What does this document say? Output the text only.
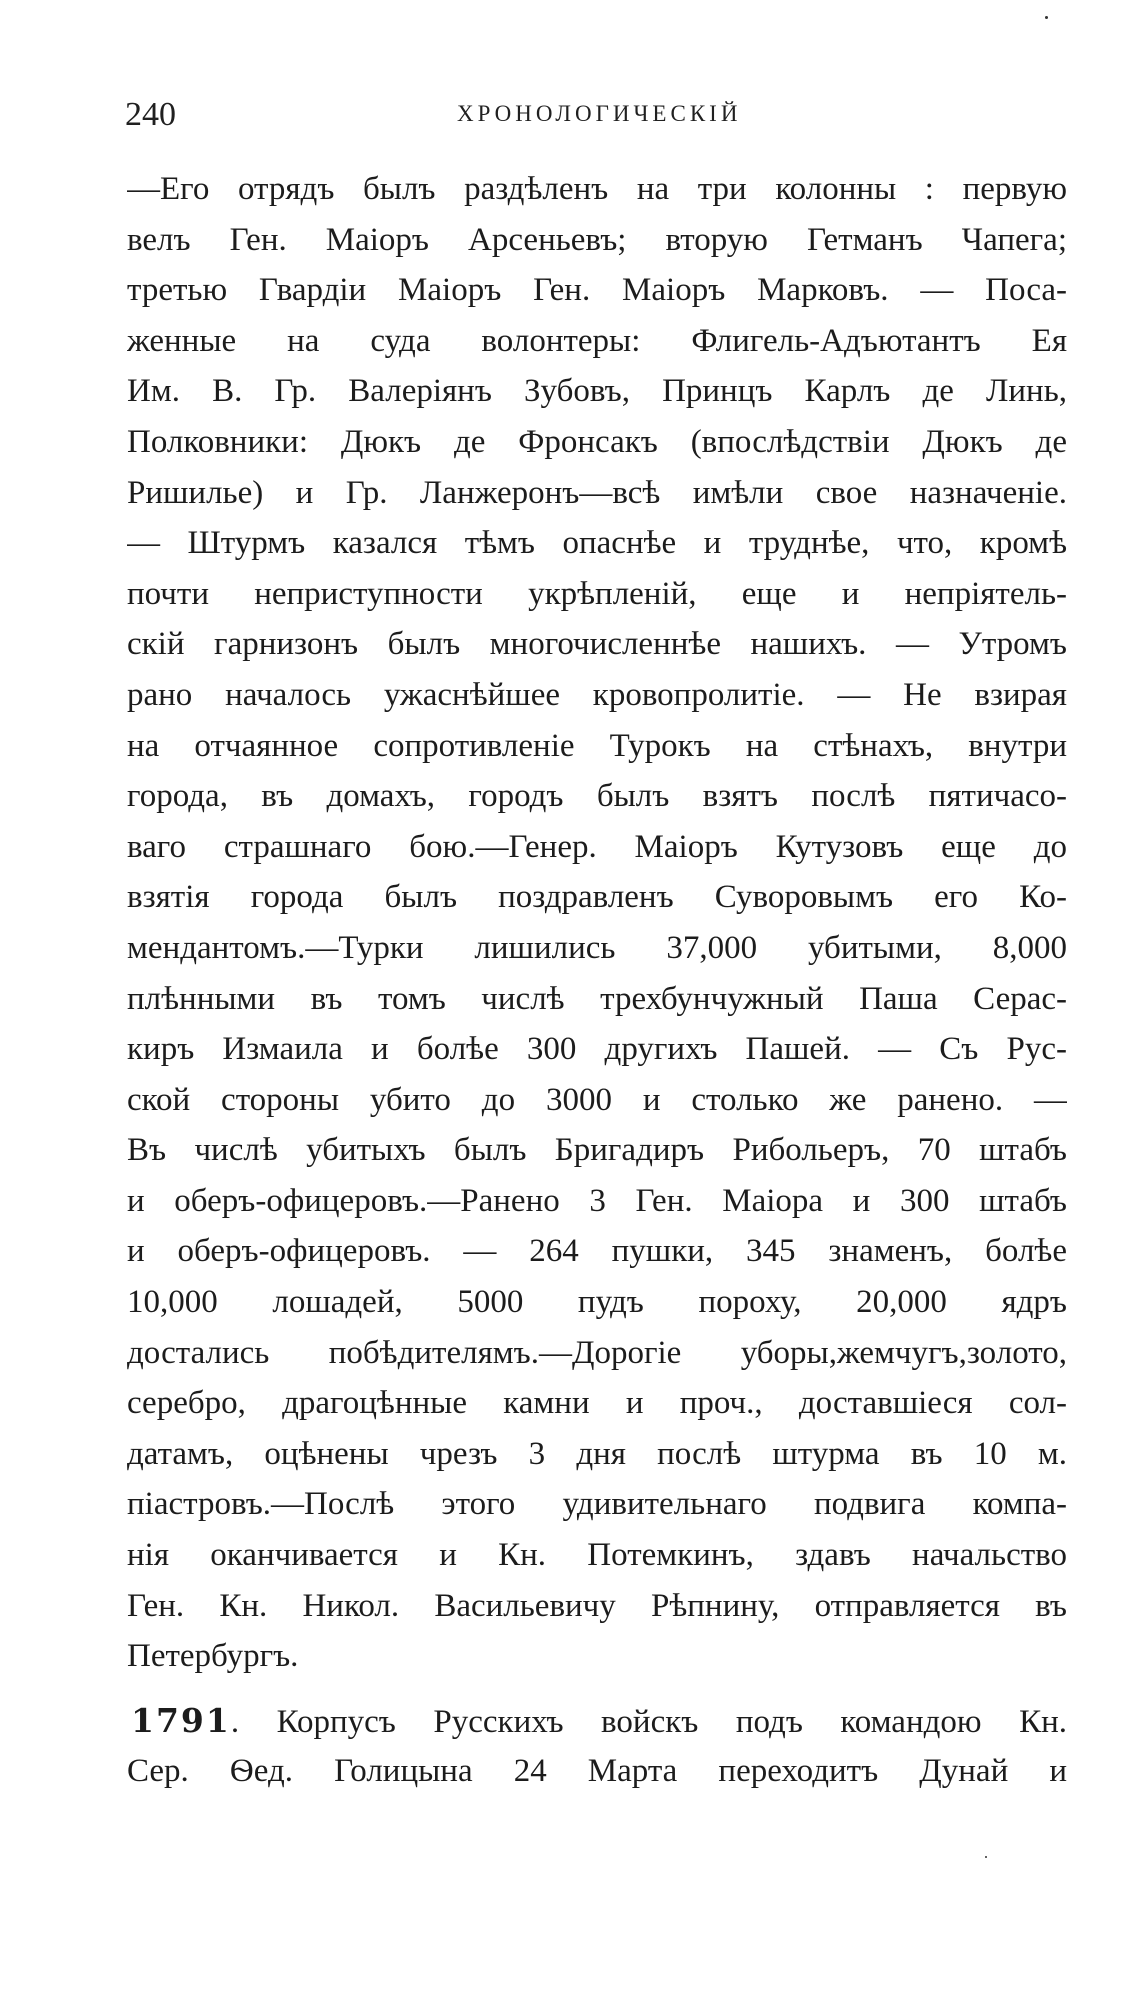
240	ХРОНОЛОГИЧЕСКІЙ
—Его отрядъ былъ раздѣленъ на три колонны : первую
велъ Ген. Маіоръ Арсеньевъ; вторую Гетманъ Чапега;
третью Гвардіи Маіоръ Ген. Маіоръ Марковъ. — Поса-
женные на суда волонтеры: Флигель-Адъютантъ Ея
Им. В. Гр. Валеріянъ Зубовъ, Принцъ Карлъ де Линь,
Полковники: Дюкъ де Фронсакъ (впослѣдствіи Дюкъ де
Ришилье) и Гр. Ланжеронъ—всѣ имѣли свое назначеніе.
— Штурмъ казался тѣмъ опаснѣе и труднѣе, что, кромѣ
почти неприступности укрѣпленій, еще и непріятель-
скій гарнизонъ былъ многочисленнѣе нашихъ. — Утромъ
рано началось ужаснѣйшее кровопролитіе. — Не взирая
на отчаянное сопротивленіе Турокъ на стѣнахъ, внутри
города, въ домахъ, городъ былъ взятъ послѣ пятичасо-
ваго страшнаго бою.—Генер. Маіоръ Кутузовъ еще до
взятія города былъ поздравленъ Суворовымъ его Ко-
мендантомъ.—Турки лишились 37,000 убитыми, 8,000
плѣнными въ томъ числѣ трехбунчужный Паша Серас-
киръ Измаила и болѣе 300 другихъ Пашей. — Съ Рус-
ской стороны убито до 3000 и столько же ранено. —
Въ числѣ убитыхъ былъ Бригадиръ Рибольеръ, 70 штабъ
и оберъ-офицеровъ.—Ранено 3 Ген. Маіора и 300 штабъ
и оберъ-офицеровъ. — 264 пушки, 345 знаменъ, болѣе
10,000 лошадей, 5000 пудъ пороху, 20,000 ядръ
достались побѣдителямъ.—Дорогіе уборы,жемчугъ,золото,
серебро, драгоцѣнные камни и проч., доставшіеся сол-
датамъ, оцѣнены чрезъ 3 дня послѣ штурма въ 10 м.
піастровъ.—Послѣ этого удивительнаго подвига компа-
нія оканчивается и Кн. Потемкинъ, здавъ начальство
Ген. Кн. Никол. Васильевичу Рѣпнину, отправляется въ
Петербургъ.
1791. Корпусъ Русскихъ войскъ подъ командою Кн.
Сер. Ѳед. Голицына 24 Марта переходитъ Дунай и
